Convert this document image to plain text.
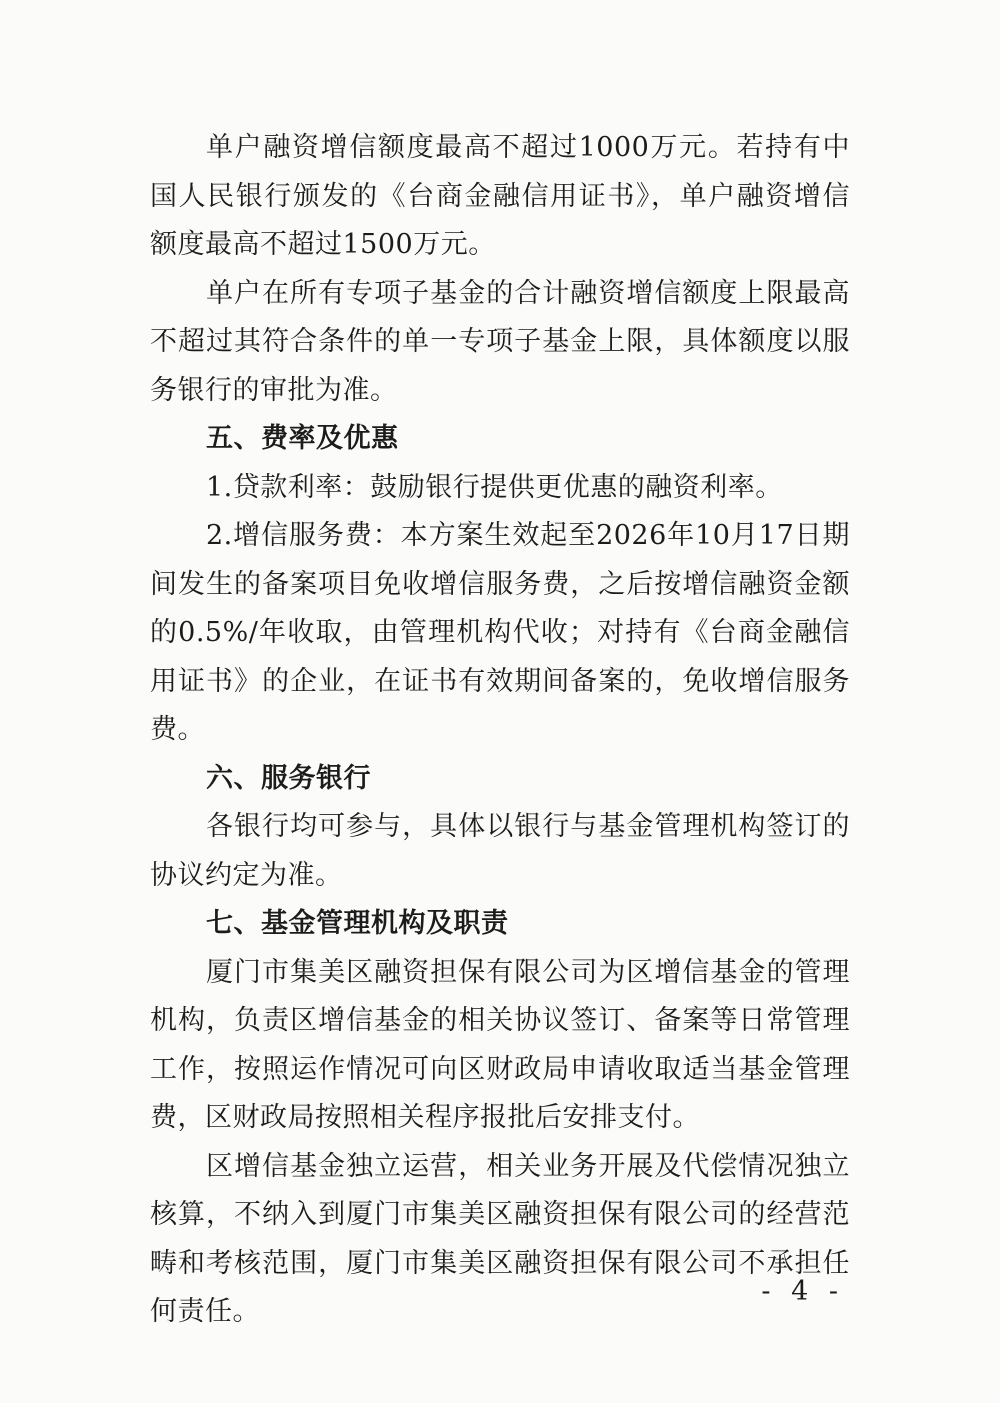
单户融资增信额度最高不超过1000万元。若持有中国人民银行颁发的《台商金融信用证书》，单户融资增信额度最高不超过1500万元。

单户在所有专项子基金的合计融资增信额度上限最高不超过其符合条件的单一专项子基金上限，具体额度以服务银行的审批为准。

五、费率及优惠

1.贷款利率：鼓励银行提供更优惠的融资利率。

2.增信服务费：本方案生效起至2026年10月17日期间发生的备案项目免收增信服务费，之后按增信融资金额的0.5%/年收取，由管理机构代收；对持有《台商金融信用证书》的企业，在证书有效期间备案的，免收增信服务费。

六、服务银行

各银行均可参与，具体以银行与基金管理机构签订的协议约定为准。

七、基金管理机构及职责

厦门市集美区融资担保有限公司为区增信基金的管理机构，负责区增信基金的相关协议签订、备案等日常管理工作，按照运作情况可向区财政局申请收取适当基金管理费，区财政局按照相关程序报批后安排支付。

区增信基金独立运营，相关业务开展及代偿情况独立核算，不纳入到厦门市集美区融资担保有限公司的经营范畴和考核范围，厦门市集美区融资担保有限公司不承担任何责任。

- 4 -
